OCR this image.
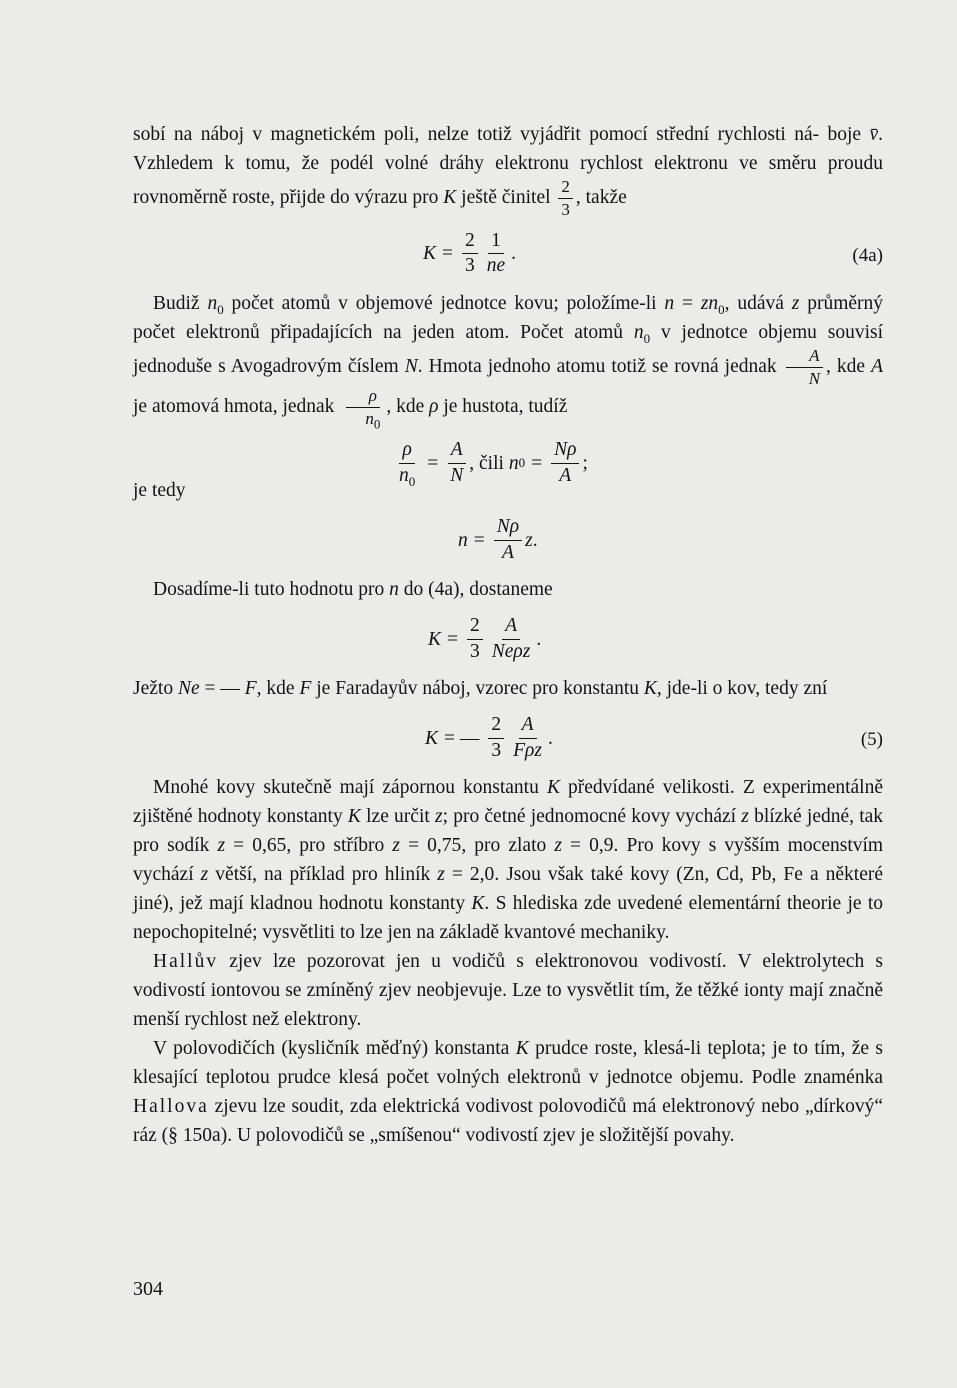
sobí na náboj v magnetickém poli, nelze totiž vyjádřit pomocí střední rychlosti ná- boje v̄. Vzhledem k tomu, že podél volné dráhy elektronu rychlost elektronu ve směru proudu rovnoměrně roste, přijde do výrazu pro K ještě činitel $\frac{2}{3}$ , takže

$K = \frac{2}{3} \frac{1}{ne}$ .	(4a)

Budiž $n_0$ počet atomů v objemové jednotce kovu; položíme-li $n = zn_0$, udává z průměrný počet elektronů připadajících na jeden atom. Počet atomů $n_0$ v jednotce objemu souvisí jednoduše s Avogadrovým číslem N. Hmota jednoho atomu totiž se rovná jednak $\frac{A}{N}$ , kde A je atomová hmota, jednak $\frac{\rho}{n_0}$ , kde ρ je hustota, tudíž

$\frac{\rho}{n_0} = \frac{A}{N}$ , čili
n $0 = \frac{N\rho}{A}$ ;

je tedy

$n = \frac{N\rho}{A}$ z .

Dosadíme-li tuto hodnotu pro n do (4a), dostaneme

$K = \frac{2}{3} \frac{A}{\text{Neρz}}$ .

Ježto Ne = — F, kde F je Faradayův náboj, vzorec pro konstantu K, jde-li o kov, tedy zní

K = — $\frac{2}{3} \frac{A}{\text{Fρz}}$ .	(5)

Mnohé kovy skutečně mají zápornou konstantu K předvídané velikosti. Z experimentálně zjištěné hodnoty konstanty K lze určit z; pro četné jednomocné kovy vychází z blízké jedné, tak pro sodík z = 0,65, pro stříbro z = 0,75, pro zlato z = 0,9. Pro kovy s vyšším mocenstvím vychází z větší, na příklad pro hliník z = 2,0. Jsou však také kovy (Zn, Cd, Pb, Fe a některé jiné), jež mají kladnou hodnotu konstanty K. S hlediska zde uvedené elementární theorie je to nepochopitelné; vysvětliti to lze jen na základě kvantové mechaniky.

Hallův zjev lze pozorovat jen u vodičů s elektronovou vodivostí. V elektrolytech s vodivostí iontovou se zmíněný zjev neobjevuje. Lze to vysvětlit tím, že těžké ionty mají značně menší rychlost než elektrony.

V polovodičích (kysličník měďný) konstanta K prudce roste, klesá-li teplota; je to tím, že s klesající teplotou prudce klesá počet volných elektronů v jednotce objemu. Podle znaménka Hallova zjevu lze soudit, zda elektrická vodivost polovodičů má elektronový nebo „dírkový“ ráz (§ 150a). U polovodičů se „smíšenou“ vodivostí zjev je složitější povahy.

304
